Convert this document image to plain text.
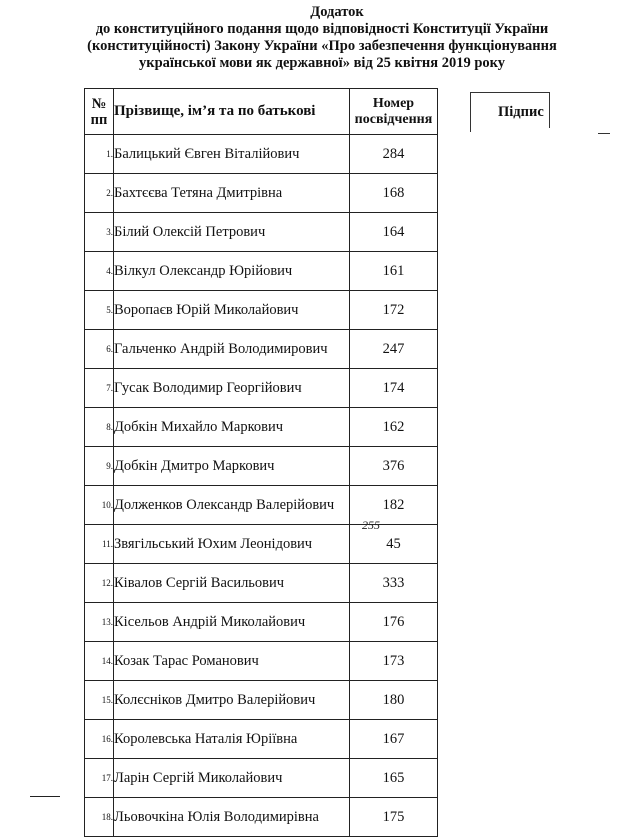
Додаток
до конституційного подання щодо відповідності Конституції України
(конституційності) Закону України «Про забезпечення функціонування
української мови як державної» від 25 квітня 2019 року
№
пп	Прізвище, ім’я та по батькові	Номер
посвідчення
1.	Балицький Євген Віталійович	284
2.	Бахтєєва Тетяна Дмитрівна	168
3.	Білий Олексій Петрович	164
4.	Вілкул Олександр Юрійович	161
5.	Воропаєв Юрій Миколайович	172
6.	Гальченко Андрій Володимирович	247
7.	Гусак Володимир Георгійович	174
8.	Добкін Михайло Маркович	162
9.	Добкін Дмитро Маркович	376
10.	Долженков Олександр Валерійович	182
11.	Звягільський Юхим Леонідович	45
12.	Ківалов Сергій Васильович	333
13.	Кісельов Андрій Миколайович	176
14.	Козак Тарас Романович	173
15.	Колєсніков Дмитро Валерійович	180
16.	Королевська Наталія Юріївна	167
17.	Ларін Сергій Миколайович	165
18.	Льовочкіна Юлія Володимирівна	175
Підпис
255
